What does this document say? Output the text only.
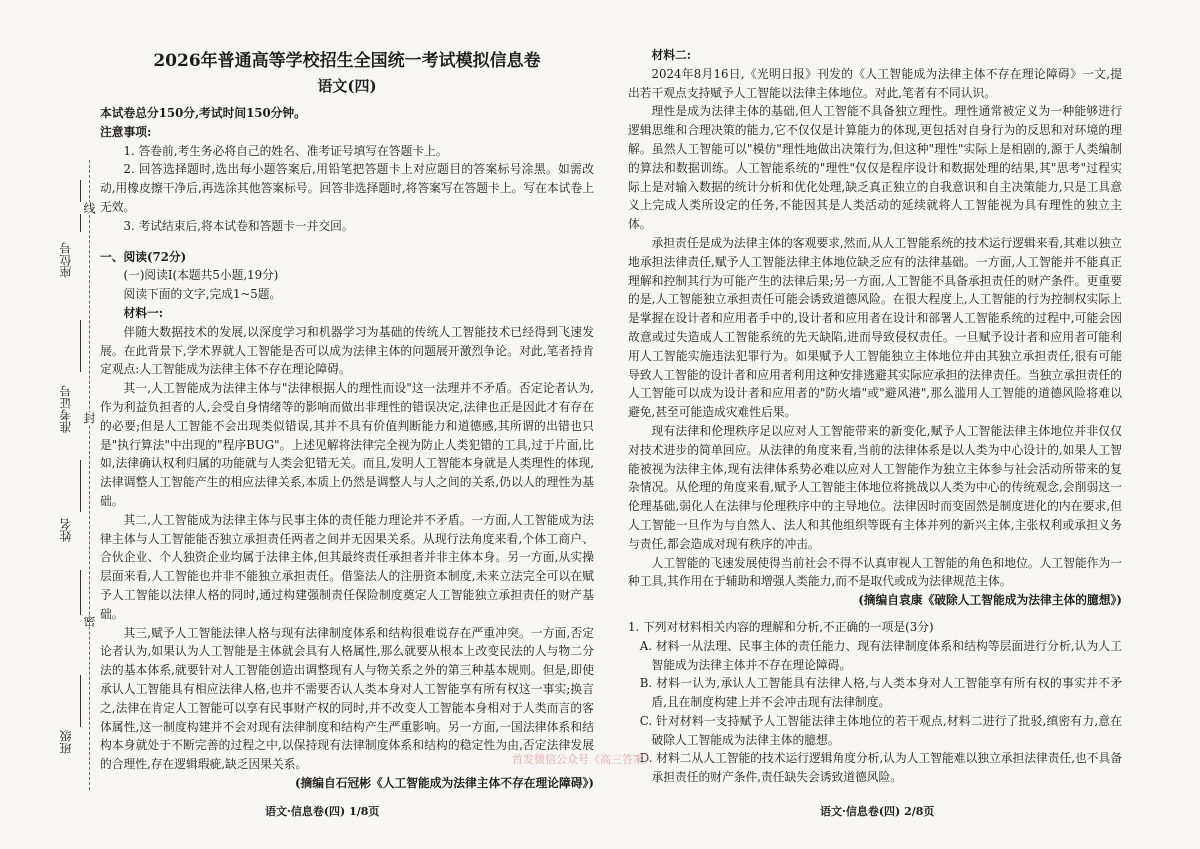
座位号
线
准考证号 封
姓名
密
班级
2026年普通高等学校招生全国统一考试模拟信息卷
语文(四)

本试卷总分150分,考试时间150分钟。

注意事项:

1. 答卷前,考生务必将自己的姓名、准考证号填写在答题卡上。

2. 回答选择题时,选出每小题答案后,用铅笔把答题卡上对应题目的答案标号涂黑。如需改动,用橡皮擦干净后,再选涂其他答案标号。回答非选择题时,将答案写在答题卡上。写在本试卷上无效。

3. 考试结束后,将本试卷和答题卡一并交回。

一、阅读(72分)

(一)阅读Ⅰ(本题共5小题,19分)

阅读下面的文字,完成1~5题。

材料一:

伴随大数据技术的发展,以深度学习和机器学习为基础的传统人工智能技术已经得到飞速发展。在此背景下,学术界就人工智能是否可以成为法律主体的问题展开激烈争论。对此,笔者持肯定观点:人工智能成为法律主体不存在理论障碍。

其一,人工智能成为法律主体与"法律根据人的理性而设"这一法理并不矛盾。否定论者认为,作为利益负担者的人,会受自身情绪等的影响而做出非理性的错误决定,法律也正是因此才有存在的必要;但是人工智能不会出现类似错误,其并不具有价值判断能力和道德感,其所谓的出错也只是"执行算法"中出现的"程序BUG"。上述见解将法律完全视为防止人类犯错的工具,过于片面,比如,法律确认权利归属的功能就与人类会犯错无关。而且,发明人工智能本身就是人类理性的体现,法律调整人工智能产生的相应法律关系,本质上仍然是调整人与人之间的关系,仍以人的理性为基础。

其二,人工智能成为法律主体与民事主体的责任能力理论并不矛盾。一方面,人工智能成为法律主体与人工智能能否独立承担责任两者之间并无因果关系。从现行法角度来看,个体工商户、合伙企业、个人独资企业均属于法律主体,但其最终责任承担者并非主体本身。另一方面,从实操层面来看,人工智能也并非不能独立承担责任。借鉴法人的注册资本制度,未来立法完全可以在赋予人工智能以法律人格的同时,通过构建强制责任保险制度奠定人工智能独立承担责任的财产基础。

其三,赋予人工智能法律人格与现有法律制度体系和结构很难说存在严重冲突。一方面,否定论者认为,如果认为人工智能是主体就会具有人格属性,那么就要从根本上改变民法的人与物二分法的基本体系,就要针对人工智能创造出调整现有人与物关系之外的第三种基本规则。但是,即使承认人工智能具有相应法律人格,也并不需要否认人类本身对人工智能享有所有权这一事实;换言之,法律在肯定人工智能可以享有民事财产权的同时,并不改变人工智能本身相对于人类而言的客体属性,这一制度构建并不会对现有法律制度和结构产生严重影响。另一方面,一国法律体系和结构本身就处于不断完善的过程之中,以保持现有法律制度体系和结构的稳定性为由,否定法律发展的合理性,存在逻辑瑕疵,缺乏因果关系。

(摘编自石冠彬《人工智能成为法律主体不存在理论障碍》)

材料二:

2024年8月16日,《光明日报》刊发的《人工智能成为法律主体不存在理论障碍》一文,提出若干观点支持赋予人工智能以法律主体地位。对此,笔者有不同认识。

理性是成为法律主体的基础,但人工智能不具备独立理性。理性通常被定义为一种能够进行逻辑思维和合理决策的能力,它不仅仅是计算能力的体现,更包括对自身行为的反思和对环境的理解。虽然人工智能可以"模仿"理性地做出决策行为,但这种"理性"实际上是相剧的,源于人类编制的算法和数据训练。人工智能系统的"理性"仅仅是程序设计和数据处理的结果,其"思考"过程实际上是对输入数据的统计分析和优化处理,缺乏真正独立的自我意识和自主决策能力,只是工具意义上完成人类所设定的任务,不能因其是人类活动的延续就将人工智能视为具有理性的独立主体。

承担责任是成为法律主体的客观要求,然而,从人工智能系统的技术运行逻辑来看,其难以独立地承担法律责任,赋予人工智能法律主体地位缺乏应有的法律基础。一方面,人工智能并不能真正理解和控制其行为可能产生的法律后果;另一方面,人工智能不具备承担责任的财产条件。更重要的是,人工智能独立承担责任可能会诱致道德风险。在很大程度上,人工智能的行为控制权实际上是掌握在设计者和应用者手中的,设计者和应用者在设计和部署人工智能系统的过程中,可能会因故意或过失造成人工智能系统的先天缺陷,进而导致侵权责任。一旦赋予设计者和应用者可能利用人工智能实施违法犯罪行为。如果赋予人工智能独立主体地位并由其独立承担责任,很有可能导致人工智能的设计者和应用者利用这种安排逃避其实际应承担的法律责任。当独立承担责任的人工智能可以成为设计者和应用者的"防火墙"或"避风港",那么滥用人工智能的道德风险将难以避免,甚至可能造成灾难性后果。

现有法律和伦理秩序足以应对人工智能带来的新变化,赋予人工智能法律主体地位并非仅仅对技术进步的简单回应。从法律的角度来看,当前的法律体系是以人类为中心设计的,如果人工智能被视为法律主体,现有法律体系势必难以应对人工智能作为独立主体参与社会活动所带来的复杂情况。从伦理的角度来看,赋予人工智能主体地位将挑战以人类为中心的传统观念,会削弱这一伦理基础,弱化人在法律与伦理秩序中的主导地位。法律因时而变固然是制度进化的内在要求,但人工智能一旦作为与自然人、法人和其他组织等既有主体并列的新兴主体,主张权利或承担义务与责任,都会造成对现有秩序的冲击。

人工智能的飞速发展使得当前社会不得不认真审视人工智能的角色和地位。人工智能作为一种工具,其作用在于辅助和增强人类能力,而不是取代或成为法律规范主体。

(摘编自袁康《破除人工智能成为法律主体的臆想》)

1. 下列对材料相关内容的理解和分析,不正确的一项是(3分)

A. 材料一从法理、民事主体的责任能力、现有法律制度体系和结构等层面进行分析,认为人工智能成为法律主体并不存在理论障碍。

B. 材料一认为,承认人工智能具有法律人格,与人类本身对人工智能享有所有权的事实并不矛盾,且在制度构建上并不会冲击现有法律制度。

C. 针对材料一支持赋予人工智能法律主体地位的若干观点,材料二进行了批驳,缜密有力,意在破除人工智能成为法律主体的臆想。

D. 材料二从人工智能的技术运行逻辑角度分析,认为人工智能难以独立承担法律责任,也不具备承担责任的财产条件,责任缺失会诱致道德风险。

首发微信公众号《高三答案》
语文·信息卷(四) 1/8页	语文·信息卷(四) 2/8页
